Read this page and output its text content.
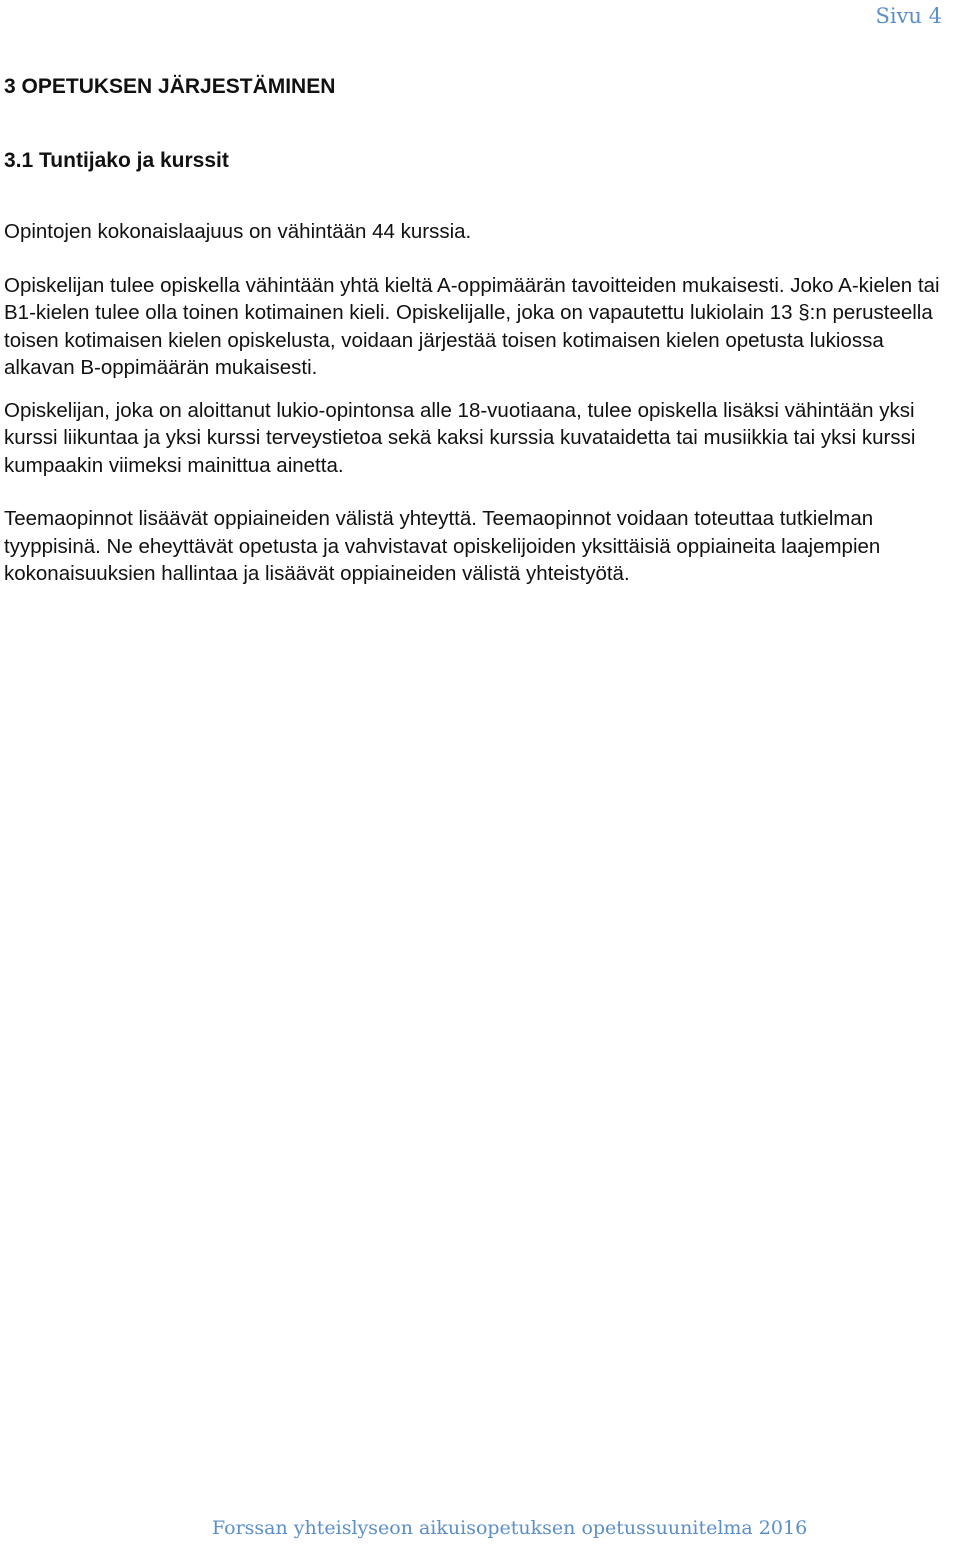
Sivu 4
3 OPETUKSEN JÄRJESTÄMINEN
3.1 Tuntijako ja kurssit

Opintojen kokonaislaajuus on vähintään 44 kurssia.

Opiskelijan tulee opiskella vähintään yhtä kieltä A-oppimäärän tavoitteiden mukaisesti. Joko A-kielen tai B1-kielen tulee olla toinen kotimainen kieli. Opiskelijalle, joka on vapautettu lukiolain 13 §:n perusteella toisen kotimaisen kielen opiskelusta, voidaan järjestää toisen kotimaisen kielen opetusta lukiossa alkavan B-oppimäärän mukaisesti.

Opiskelijan, joka on aloittanut lukio-opintonsa alle 18-vuotiaana, tulee opiskella lisäksi vähintään yksi kurssi liikuntaa ja yksi kurssi terveystietoa sekä kaksi kurssia kuvataidetta tai musiikkia tai yksi kurssi kumpaakin viimeksi mainittua ainetta.

Teemaopinnot lisäävät oppiaineiden välistä yhteyttä. Teemaopinnot voidaan toteuttaa tutkielman tyyppisinä. Ne eheyttävät opetusta ja vahvistavat opiskelijoiden yksittäisiä oppiaineita laajempien kokonaisuuksien hallintaa ja lisäävät oppiaineiden välistä yhteistyötä.

Forssan yhteislyseon aikuisopetuksen opetussuunitelma 2016
